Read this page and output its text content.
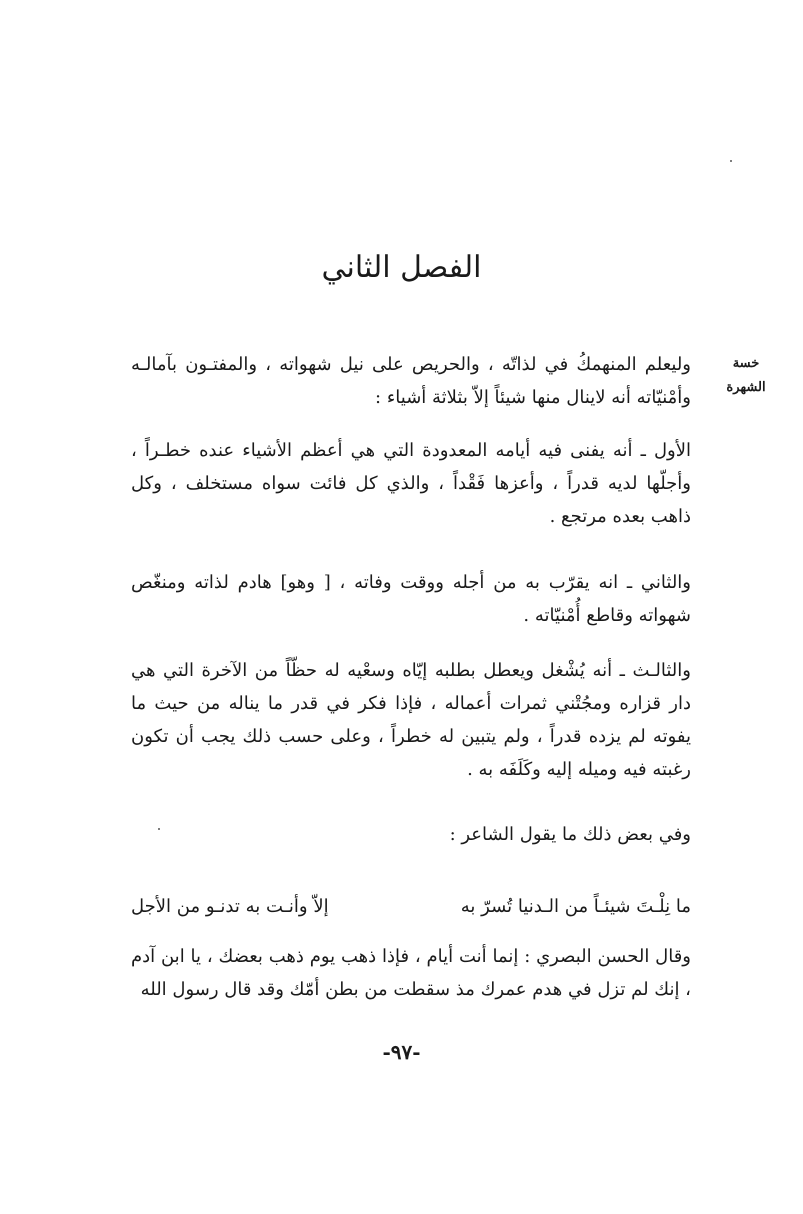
الفصل الثاني
خسة
الشهرة
وليعلم المنهمكُ في لذاتّه ، والحريص على نيل شهواته ، والمفتـون بآمالـه وأمْنيّاته أنه لاينال منها شيئاً إلاّ بثلاثة أشياء :
الأول ـ أنه يفنى فيه أيامه المعدودة التي هي أعظم الأشياء عنده خطـراً ، وأجلّها لديه قدراً ، وأعزها فَقْداً ، والذي كل فائت سواه مستخلف ، وكل ذاهب بعده مرتجع .
والثاني ـ انه يقرّب به من أجله ووقت وفاته ، [ وهو] هادم لذاته ومنغّص شهواته وقاطع أُمْنيّاته .
والثالـث ـ أنه يُشْغل ويعطل بطلبه إيّاه وسعْيه له حظّاً من الآخرة التي هي دار قزاره ومجُتْني ثمرات أعماله ، فإذا فكر في قدر ما يناله من حيث ما يفوته لم يزده قدراً ، ولم يتبين له خطراً ، وعلى حسب ذلك يجب أن تكون رغبته فيه وميله إليه وكَلَفَه به .
وفي بعض ذلك ما يقول الشاعر :
ما نِلْـتَ شيئـاً من الـدنيا تُسرّ به
إلاّ وأنـت به تدنـو من الأجل
وقال الحسن البصري : إنما أنت أيام ، فإذا ذهب يوم ذهب بعضك ، يا ابن آدم ، إنك لم تزل في هدم عمرك مذ سقطت من بطن أمّك وقد قال رسول الله
-٩٧-
